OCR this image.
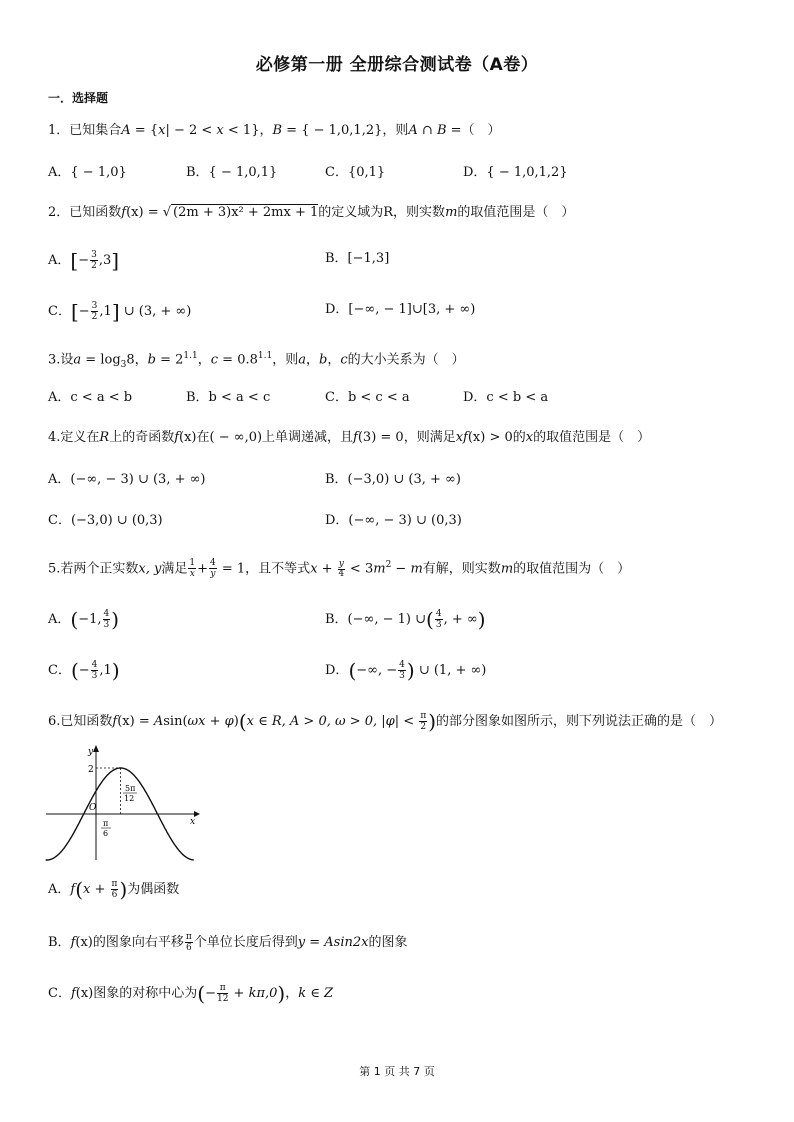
必修第一册 全册综合测试卷（A卷）
一．选择题
1．已知集合A = {x| − 2 < x < 1}，B = { − 1,0,1,2}，则A ∩ B =（　）
A．{ − 1,0}	B．{ − 1,0,1}	C．{0,1}	D．{ − 1,0,1,2}
2．已知函数f(x) = √ (2m + 3)x² + 2mx + 1的定义域为R，则实数m的取值范围是（　）
A．[− $\frac{3}{2} ,3$]	B．[−1,3]
C．[− $\frac{3}{2} ,1$] ∪ (3, + ∞)	D．[−∞, − 1]∪[3, + ∞)
3.设$a = \log_38$，$b = 2^{1.1}$，$c = 0.8^{1.1}$，则a，b，c的大小关系为（　）
A．c < a < b	B．b < a < c	C．b < c < a	D．c < b < a
4.定义在R上的奇函数f(x)在( − ∞,0)上单调递减，且f(3) = 0，则满足xf(x) > 0的x的取值范围是（　）
A．(−∞, − 3) ∪ (3, + ∞)	B．(−3,0) ∪ (3, + ∞)
C．(−3,0) ∪ (0,3)	D．(−∞, − 3) ∪ (0,3)
5.若两个正实数x, y满足 $\frac{1}{x}+ \frac{4}{y} = 1$，且不等式$x + \frac{y}{4} < 3m^2 - m$有解，则实数m的取值范围为（　）
A．(−1, $\frac{4}{3}$ )	B．(−∞, − 1) ∪( $\frac{4}{3}$ , + ∞)
C．(− $\frac{4}{3} ,1$)	D．(−∞, − $\frac{4}{3}$ ) ∪ (1, + ∞)
6.已知函数f(x) = Asin(ωx + φ)(x ∈ R, A > 0, ω > 0, $|\varphi| < \frac{\pi}{2}$ )的部分图象如图所示，则下列说法正确的是（　）
y
x
O
2
π
6
5π
12
A．$f(x + \frac{\pi}{6}$ )为偶函数
B．f(x)的图象向右平移 $\frac{\pi}{6}$ 个单位长度后得到y = Asin2x的图象
C．f(x)图象的对称中心为(− $\frac{\pi}{12} + k\pi,0$)，k ∈ Z
第 1 页 共 7 页
